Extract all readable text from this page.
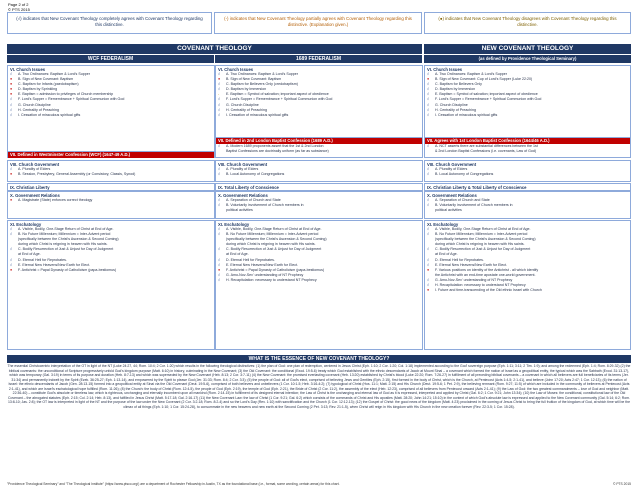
Page 2 of 2
© PTS 2015
(√) indicates that New Covenant Theology completely agrees with Covenant Theology regarding this distinctive.
(-) indicates that New Covenant Theology partially agrees with Covenant Theology regarding this distinctive. (Explanation given.)
(●) indicates that New Covenant Theology disagrees with Covenant Theology regarding this distinctive.
COVENANT THEOLOGY	NEW COVENANT THEOLOGY
WCF FEDERALISM	1689 FEDERALISM	(as defined by Providence Theological Seminary)
VI. Church Issues
√	A. Two Ordinances: Baptism & Lord's Supper
●	B. Sign of New Covenant: Baptism
●	C. Baptism for Infants (paedobaptism)
●	D. Baptism by Sprinkling
●	E. Baptism = admission to privileges of Church membership
√	F. Lord's Supper = Remembrance + Spiritual Communion with God
√	G. Church Discipline
√	H. Centrality of Preaching
√	I. Cessation of miraculous spiritual gifts
VII. Defined in Westminster Confession (WCF) (1647-49 A.D.)
VIII. Church Government
√	A. Plurality of Elders
●	B. Session, Presbytery, General Assembly (or Consistory, Classis, Synod)
IX. Christian Liberty
X. Government Relations
●	A. Magistrate (State) enforces correct theology
XI. Eschatology
√	A. Visible, Bodily, One-Stage Return of Christ at End of Age.
√	B. No Future Millennium; Millennium = Inter-Advent period
(specifically between the Christ's Ascension & Second Coming)
during which Christ is reigning in heaven with His saints.
√	C. Bodily Resurrection of Just & Unjust for Day of Judgment
at End of Age.
√	D. Eternal Hell for Reprobates.
√	E. Eternal New Heavens/New Earth for Elect.
●	F. Antichrist = Papal Dynasty of Catholicism (papa-bestiomus)
VI. Church Issues
√	A. Two Ordinances: Baptism & Lord's Supper
●	B. Sign of New Covenant: Baptism
√	C. Baptism for Believers Only (credobaptism)
√	D. Baptism by Immersion
-	E. Baptism = Symbol of salvation; important aspect of obedience
√	F. Lord's Supper = Remembrance + Spiritual Communion with God
√	G. Church Discipline
√	H. Centrality of Preaching
√	I. Cessation of miraculous spiritual gifts
VII. Defined in 2nd London Baptist Confession (1689 A.D.)
√	A. Modern 1689 proponents assert that the 1st & 2nd London
Baptist Confessions are doctrinally uniform (as far as substance)
VIII. Church Government
√	A. Plurality of Elders
√	B. Local Autonomy of Congregations
IX. Total Liberty of Conscience
X. Government Relations
√	A. Separation of Church and State
√	B. Voluntarily involvement of Church members in
political activities
XI. Eschatology
√	A. Visible, Bodily, One-Stage Return of Christ at End of Age.
√	B. No Future Millennium; Millennium = Inter-Advent period
(specifically between the Christ's Ascension & Second Coming)
during which Christ is reigning in heaven with His saints.
√	C. Bodily Resurrection of Just & Unjust for Day of Judgment
at End of Age.
√	D. Eternal Hell for Reprobates.
√	E. Eternal New Heavens/New Earth for Elect.
●	F. Antichrist = Papal Dynasty of Catholicism (papa-bestiomus)
√	G. Amo-Nov-Sev' understanding of NT Prophecy
√	H. Recapitulation: necessary to understand NT Prophecy
VI. Church Issues
√	A. Two Ordinances: Baptism & Lord's Supper
●	B. Sign of New Covenant: Cup of Lord's Supper (Luke 22:20)
√	C. Baptism for Believers Only
√	D. Baptism by Immersion
√	E. Baptism = Symbol of salvation; important aspect of obedience
√	F. Lord's Supper = Remembrance + Spiritual Communion with God
√	G. Church Discipline
√	H. Centrality of Preaching
√	I. Cessation of miraculous spiritual gifts
VII. Agrees with 1st London Baptist Confession (1644/46 A.D.)
√	A. NCT asserts there are substantial differences between the 1st
& 2nd London Baptist Confessions (i.e. covenants, Law of God)
VIII. Church Government
√	A. Plurality of Elders
√	B. Local Autonomy of Congregations
IX. Christian Liberty & Total Liberty of Conscience
X. Government Relations
√	A. Separation of Church and State
√	B. Voluntarily involvement of Church members in
political activities
XI. Eschatology
√	A. Visible, Bodily, One-Stage Return of Christ at End of Age.
√	B. No Future Millennium; Millennium = Inter-Advent period
(specifically between the Christ's Ascension & Second Coming)
during which Christ is reigning in heaven with His saints.
√	C. Bodily Resurrection of Just & Unjust for Day of Judgment
at End of Age.
√	D. Eternal Hell for Reprobates.
√	E. Eternal New Heavens/New Earth for Elect.
●	F. Various positions on identity of the Antichrist - all which identify
the Antichrist with an end-time apostate one-world government.
√	G. Amo-Nov-Sev' understanding of NT Prophecy
√	H. Recapitulation: necessary to understand NT Prophecy
●	I. Future and time-transcending of the Old ethnic Israel with Church
WHAT IS THE ESSENCE OF NEW COVENANT THEOLOGY?
The essential Christocentric interpretation of the OT in light of the NT (Luke 24:27, 44; Rom. 10:4; 2 Cor. 1:20) which results in the following theological distinctives: (1) the plan of God: one plan of redemption, centered in Jesus Christ (Eph. 1:10; 2 Cor. 1:20; Col. 1:18) implemented according to the God' sovereign purpose (Eph. 1:11; 3:11; 2 Tim. 1:9); and among the redeemed (Eph. 1:4; Rom. 8:29-32) (2) the biblical covenants: the unconditional of Scripture progressively unfold God's kingdom purpose (Matt. 6:10) in history, culminating in the New Covenant; (3) the Old Covenant: the conditional (Exod. 19:5-6) treaty which God established with the ethnic descendants of Jacob at Mount Sinai – a covenant which formed the nation of Israel as a geopolitical entity, the typical which was the Sabbath (Exod. 31:13-17), which was temporary (Gal. 3:19) in terms of its purpose and duration (Heb. 8:7-13) and which was superseded by the New Covenant (Heb. 8:13; 2 Cor. 3:7-11) (4) the New Covenant: the promised everlasting covenant (Heb. 13:20) established by Christ's blood (Luke 22:20; Rom. 7:26-27) in fulfillment of all preceding biblical covenants – a covenant in which all believers are full beneficiaries of its terms (Jer. 31:34) and permanently indwelt by the Spirit (Ezek. 36:25-27; Eph. 1:13-14), and empowered by the Spirit to please God (Jer. 31:33; Rom. 8:4; 2 Cor. 3:3); (5) the people of God: all of God's elect, comprised of believing Jews and Gentiles (Eph. 2:15), first formed in the body of Christ, which is the Church, at Pentecost (Acts 1:4-5; 2:1-41), and believe (John 17:20; Acts 2:47; 1 Cor. 12:13); (6) the nation of Israel: the ethnic descendants of Jacob (Gen. 28:13-15) formed into a geopolitical entity at Sinai via the Old Covenant (Deut. 19:5-6), comprised of both believers and unbelievers (1 Cor. 10:1-5; Heb. 3:16-4:2); (7) typological of Christ (Hos. 11:1; Matt. 2:15) and His Church (Deut. 19:5-6; 1 Pet. 2:9), the believing remnant (Rom. 9:27; 11:5) of which are included in the community of believers at Pentecost (Acts 2:1-41), and which are Israel's eschatological hope fulfilled (Rom. 11:26); (8) the Church: the body of Christ (Rom. 12:4-5), the people of God (Eph. 2:19), the temple of God (Eph. 2:21), the Bride of Christ (2 Cor. 11:2), the assembly of the elect (Heb. 12:23), comprised of all believers from Pentecost onward (Acts 2:1-41); (9) the Law of God: the two greatest commandments – love of God and neighbor (Matt. 22:36-40) – constitute God's absolute or timeless law, which is righteous, unchanging and eternally incumbent upon all mankind (Rom. 2:14-15) in fulfillment of its designed eternal intention; the Law of Christ is the unchanging and eternal law of God as it is expressed, interpreted and applied by Christ (Gal. 6:2; 1 Cor. 9:21; John 13:34); (10) the Law of Moses: the conditional, constitutional law of the Old Covenant – the abrogated statutes (Eph. 2:15; Col. 2:14; Heb. 8:13), and fulfilled in Jesus Christ (Matt. 5:17-18; Gal. 2:16-17) (11) the New Covenant Law: the law of Christ (1 Cor. 9:21; Gal. 6:2) which consists of the commands of Christ and His apostles (Matt. 28:20; John 14:21; 15:10) in the context of which God's absolute law is expressed and applied to the New Covenant community (Gal. 5:14; 6:2; Rom. 13:8-10; Jas. 2:8); the OT law is interpreted in light of the NT and the purpose of the law under the New Covenant (2 Cor. 3:2-18; Rom. 8:2-4) and so the Lord's Day (Rev. 1:10) with sanctification and the Church (1 Cor. 12:12-13); (12) the Gospel of Christ: the good news of the kingdom (Matt. 4:23) proclaimed in the coming of Jesus Christ to bring the full fruition of the kingdom of God, at which time will be the climax of all things (Eph. 1:10; 1 Cor. 15:24-28), to consummate in the new heavens and new earth at the Second Coming (2 Pet. 3:13; Rev. 21:1-5), when Christ will reign in His kingdom with His Church in the new creation forever (Rev. 22:3-5; 1 Cor. 15:28).
"Providence Theological Seminary" and "The Theological Institute" (https://www.ptsco.org/) are a department of Rochester Fellowship in Austin, TX as the foundational base (i.e., format, some wording, certain areas) for this chart.	© PTS 2015
